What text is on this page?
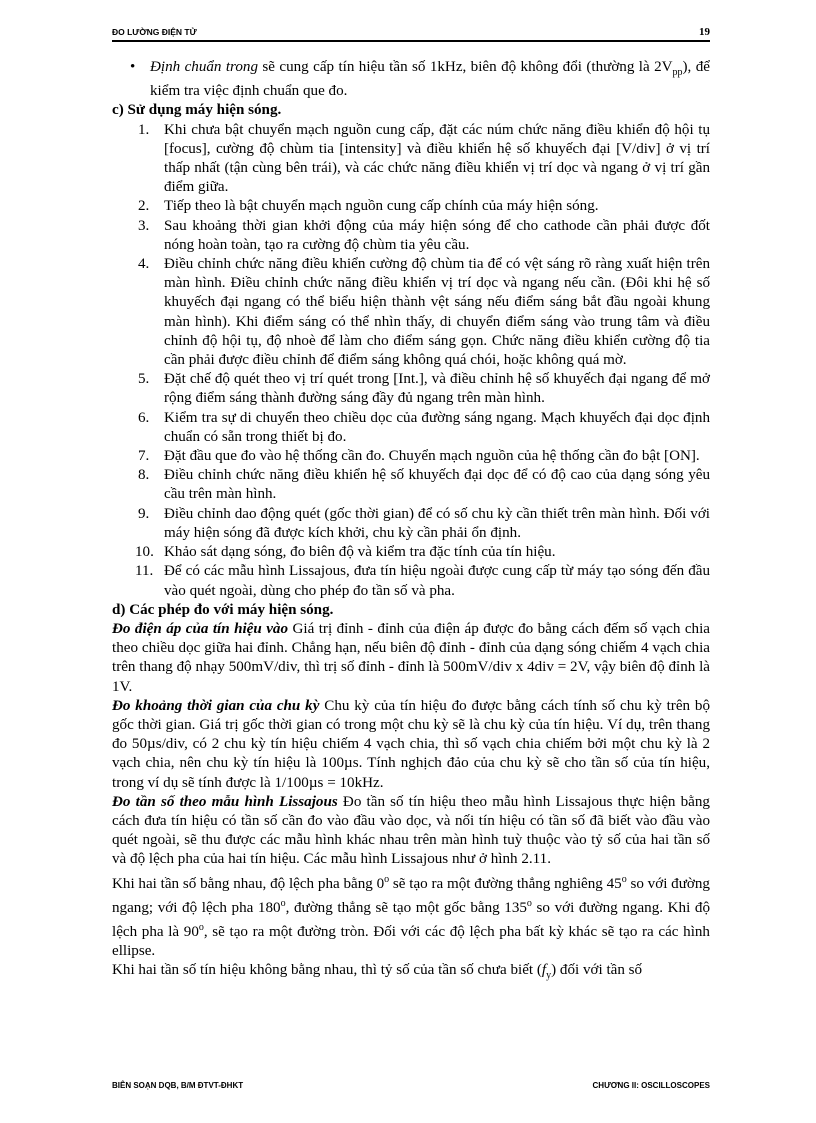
ĐO LƯỜNG ĐIỆN TỬ	19

• Định chuẩn trong sẽ cung cấp tín hiệu tần số 1kHz, biên độ không đổi (thường là $2V_{pp}$), để kiểm tra việc định chuẩn que đo.

c) Sử dụng máy hiện sóng.

1. Khi chưa bật chuyển mạch nguồn cung cấp, đặt các núm chức năng điều khiển độ hội tụ [focus], cường độ chùm tia [intensity] và điều khiển hệ số khuyếch đại [V/div] ở vị trí thấp nhất (tận cùng bên trái), và các chức năng điều khiển vị trí dọc và ngang ở vị trí gần điểm giữa.
2. Tiếp theo là bật chuyển mạch nguồn cung cấp chính của máy hiện sóng.
3. Sau khoảng thời gian khởi động của máy hiện sóng để cho cathode cần phải được đốt nóng hoàn toàn, tạo ra cường độ chùm tia yêu cầu.
4. Điều chỉnh chức năng điều khiển cường độ chùm tia để có vệt sáng rõ ràng xuất hiện trên màn hình. Điều chỉnh chức năng điều khiển vị trí dọc và ngang nếu cần. (Đôi khi hệ số khuyếch đại ngang có thể biểu hiện thành vệt sáng nếu điểm sáng bắt đầu ngoài khung màn hình). Khi điểm sáng có thể nhìn thấy, di chuyển điểm sáng vào trung tâm và điều chỉnh độ hội tụ, độ nhoè để làm cho điểm sáng gọn. Chức năng điều khiển cường độ tia cần phải được điều chỉnh để điểm sáng không quá chói, hoặc không quá mờ.
5. Đặt chế độ quét theo vị trí quét trong [Int.], và điều chỉnh hệ số khuyếch đại ngang để mở rộng điểm sáng thành đường sáng đầy đủ ngang trên màn hình.
6. Kiểm tra sự di chuyển theo chiều dọc của đường sáng ngang. Mạch khuyếch đại dọc định chuẩn có sẵn trong thiết bị đo.
7. Đặt đầu que đo vào hệ thống cần đo. Chuyển mạch nguồn của hệ thống cần đo bật [ON].
8. Điều chỉnh chức năng điều khiển hệ số khuyếch đại dọc để có độ cao của dạng sóng yêu cầu trên màn hình.
9. Điều chỉnh dao động quét (gốc thời gian) để có số chu kỳ cần thiết trên màn hình. Đối với máy hiện sóng đã được kích khởi, chu kỳ cần phải ổn định.
10. Khảo sát dạng sóng, đo biên độ và kiểm tra đặc tính của tín hiệu.
11. Để có các mẫu hình Lissajous, đưa tín hiệu ngoài được cung cấp từ máy tạo sóng đến đầu vào quét ngoài, dùng cho phép đo tần số và pha.

d) Các phép đo với máy hiện sóng.

Đo điện áp của tín hiệu vào Giá trị đỉnh - đỉnh của điện áp được đo bằng cách đếm số vạch chia theo chiều dọc giữa hai đỉnh. Chẳng hạn, nếu biên độ đỉnh - đỉnh của dạng sóng chiếm 4 vạch chia trên thang độ nhạy 500mV/div, thì trị số đỉnh - đỉnh là 500mV/div x 4div = 2V, vậy biên độ đỉnh là 1V.

Đo khoảng thời gian của chu kỳ Chu kỳ của tín hiệu đo được bằng cách tính số chu kỳ trên bộ gốc thời gian. Giá trị gốc thời gian có trong một chu kỳ sẽ là chu kỳ của tín hiệu. Ví dụ, trên thang đo 50µs/div, có 2 chu kỳ tín hiệu chiếm 4 vạch chia, thì số vạch chia chiếm bởi một chu kỳ là 2 vạch chia, nên chu kỳ tín hiệu là 100µs. Tính nghịch đảo của chu kỳ sẽ cho tần số của tín hiệu, trong ví dụ sẽ tính được là 1/100µs = 10kHz.

Đo tần số theo mẫu hình Lissajous Đo tần số tín hiệu theo mẫu hình Lissajous thực hiện bằng cách đưa tín hiệu có tần số cần đo vào đầu vào dọc, và nối tín hiệu có tần số đã biết vào đầu vào quét ngoài, sẽ thu được các mẫu hình khác nhau trên màn hình tuỳ thuộc vào tỷ số của hai tần số và độ lệch pha của hai tín hiệu. Các mẫu hình Lissajous như ở hình 2.11.

Khi hai tần số bằng nhau, độ lệch pha bằng 0$^o$ sẽ tạo ra một đường thẳng nghiêng 45$^o$ so với đường ngang; với độ lệch pha 180$^o$, đường thẳng sẽ tạo một gốc bằng 135$^o$ so với đường ngang. Khi độ lệch pha là 90$^o$, sẽ tạo ra một đường tròn. Đối với các độ lệch pha bất kỳ khác sẽ tạo ra các hình ellipse.

Khi hai tần số tín hiệu không bằng nhau, thì tỷ số của tần số chưa biết $(f_y)$ đối với tần số

BIÊN SOẠN DQB, B/M ĐTVT-ĐHKT	CHƯƠNG II: OSCILLOSCOPES
